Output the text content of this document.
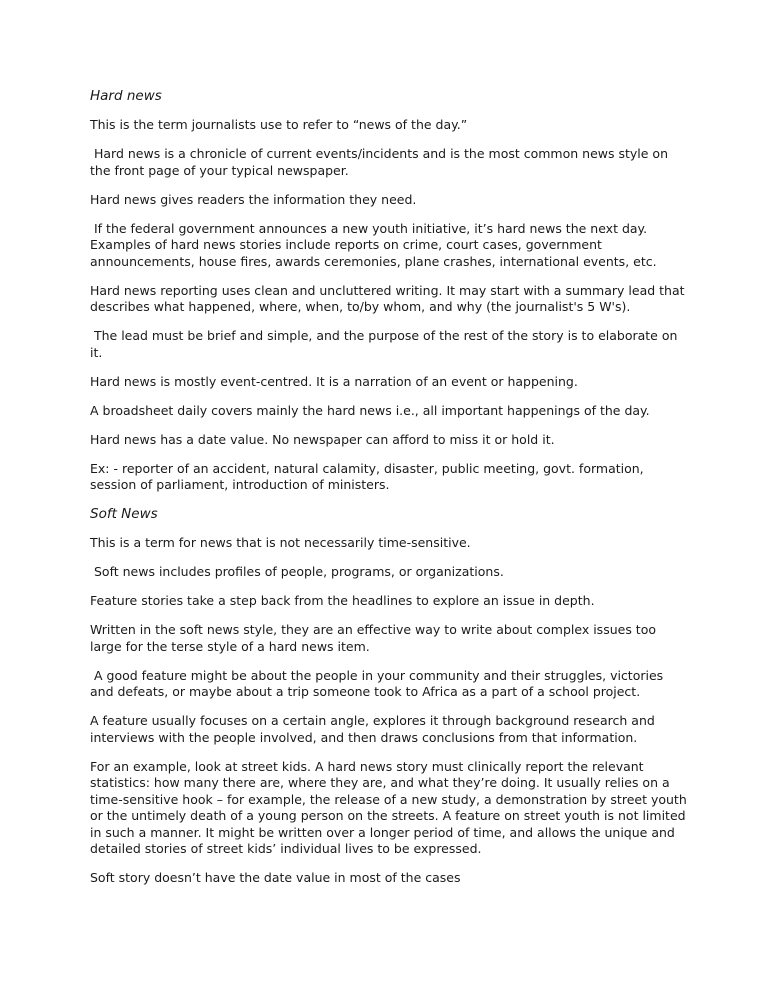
Hard news

This is the term journalists use to refer to “news of the day.”

Hard news is a chronicle of current events/incidents and is the most common news style on the front page of your typical newspaper.

Hard news gives readers the information they need.

If the federal government announces a new youth initiative, it’s hard news the next day. Examples of hard news stories include reports on crime, court cases, government announcements, house fires, awards ceremonies, plane crashes, international events, etc.

Hard news reporting uses clean and uncluttered writing. It may start with a summary lead that describes what happened, where, when, to/by whom, and why (the journalist's 5 W's).

The lead must be brief and simple, and the purpose of the rest of the story is to elaborate on it.

Hard news is mostly event-centred. It is a narration of an event or happening.

A broadsheet daily covers mainly the hard news i.e., all important happenings of the day.

Hard news has a date value. No newspaper can afford to miss it or hold it.

Ex: - reporter of an accident, natural calamity, disaster, public meeting, govt. formation, session of parliament, introduction of ministers.

Soft News

This is a term for news that is not necessarily time-sensitive.

Soft news includes profiles of people, programs, or organizations.

Feature stories take a step back from the headlines to explore an issue in depth.

Written in the soft news style, they are an effective way to write about complex issues too large for the terse style of a hard news item.

A good feature might be about the people in your community and their struggles, victories and defeats, or maybe about a trip someone took to Africa as a part of a school project.

A feature usually focuses on a certain angle, explores it through background research and interviews with the people involved, and then draws conclusions from that information.

For an example, look at street kids. A hard news story must clinically report the relevant statistics: how many there are, where they are, and what they’re doing. It usually relies on a time-sensitive hook – for example, the release of a new study, a demonstration by street youth or the untimely death of a young person on the streets. A feature on street youth is not limited in such a manner. It might be written over a longer period of time, and allows the unique and detailed stories of street kids’ individual lives to be expressed.

Soft story doesn’t have the date value in most of the cases
